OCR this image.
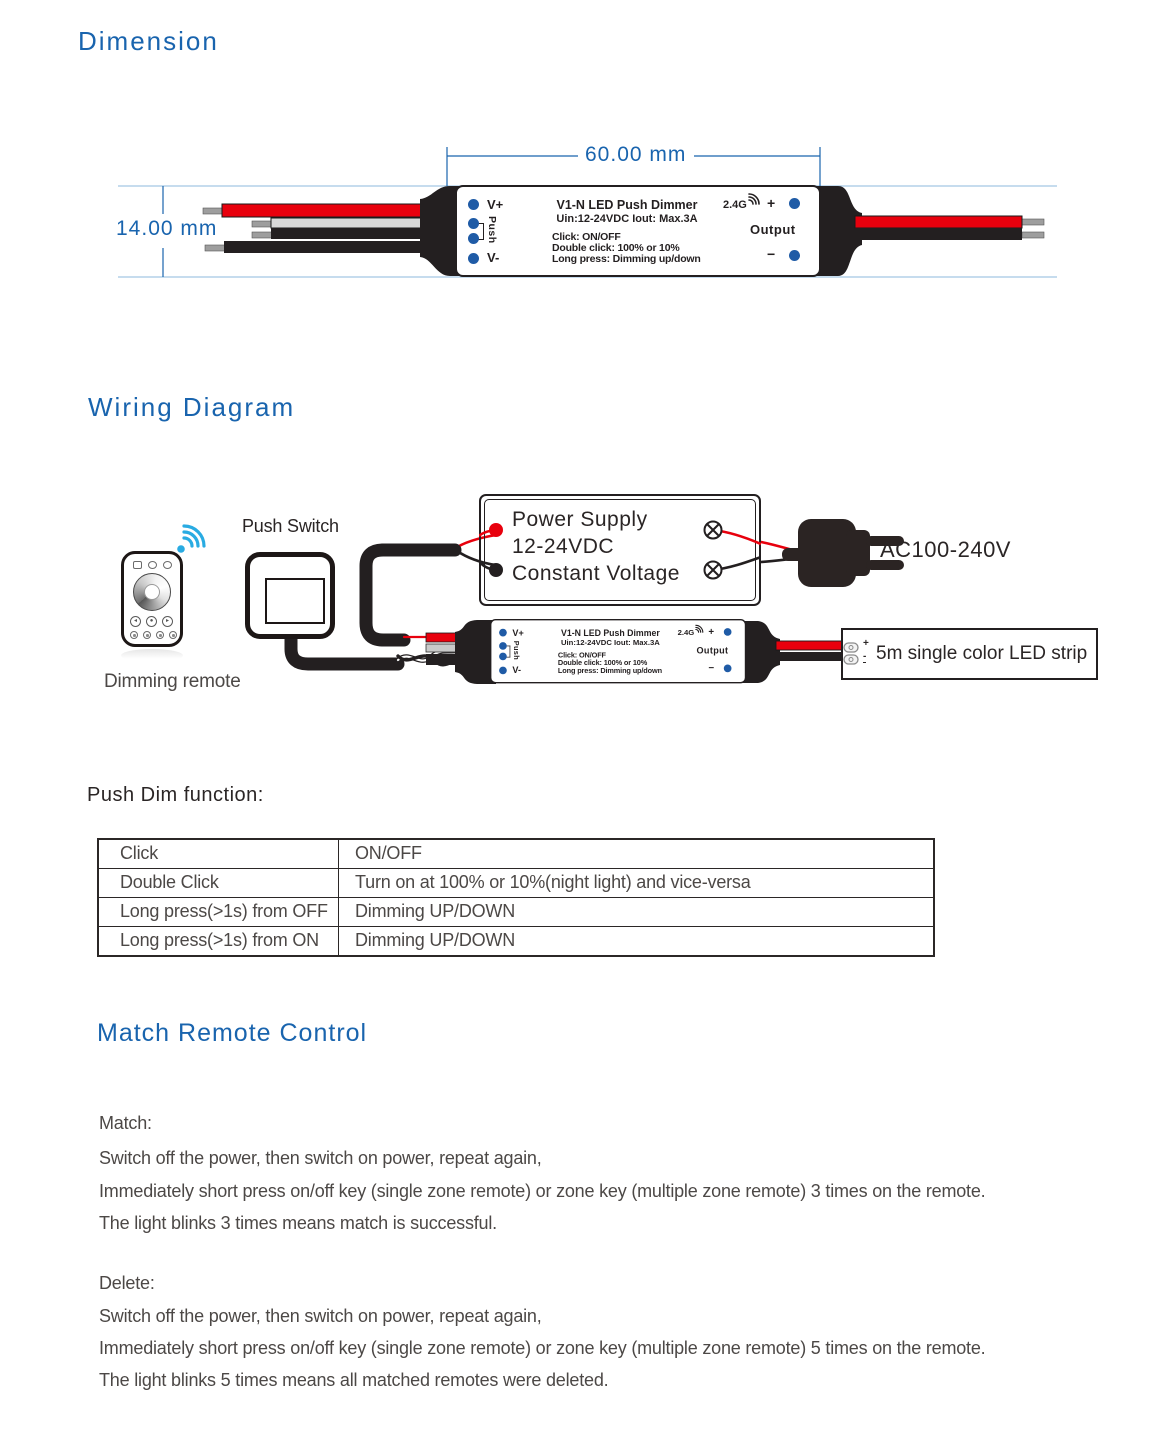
Dimension
60.00 mm
14.00 mm
V+
Push
V-
V1-N LED Push Dimmer
Uin:12-24VDC Iout: Max.3A
Click: ON/OFF
Double click: 100% or 10%
Long press: Dimming up/down
2.4G +
Output
−
Wiring Diagram
◂	●	▸
Dimming remote
Push Switch	Power Supply
12-24VDC
Constant Voltage
AC100-240V
V+
Push
V-
V1-N LED Push Dimmer
Uin:12-24VDC Iout: Max.3A
Click: ON/OFF
Double click: 100% or 10%
Long press: Dimming up/down
2.4G +
Output
−
+
- 5m single color LED strip
Push Dim function:
Click	ON/OFF
Double Click	Turn on at 100% or 10%(night light) and vice-versa
Long press(>1s) from OFF	Dimming UP/DOWN
Long press(>1s) from ON	Dimming UP/DOWN
Match Remote Control
Match:
Switch off the power, then switch on power, repeat again,
Immediately short press on/off key (single zone remote) or zone key (multiple zone remote) 3 times on the remote.
The light blinks 3 times means match is successful.
Delete:
Switch off the power, then switch on power, repeat again,
Immediately short press on/off key (single zone remote) or zone key (multiple zone remote) 5 times on the remote.
The light blinks 5 times means all matched remotes were deleted.
